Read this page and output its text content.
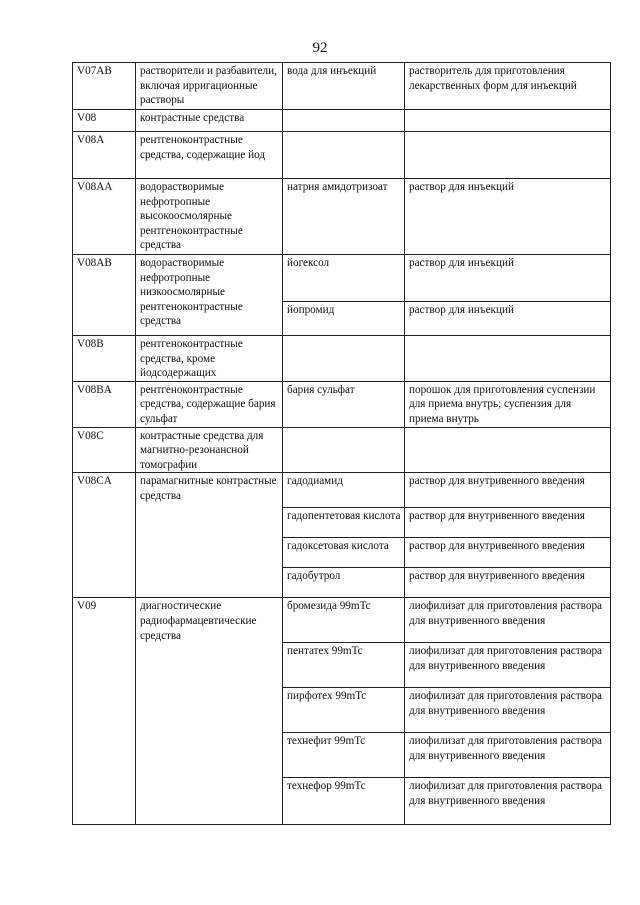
92
V07AB	растворители и разбавители, включая ирригационные растворы	вода для инъекций	растворитель для приготовления лекарственных форм для инъекций
V08	контрастные средства		
V08A	рентгеноконтрастные средства, содержащие йод		
V08AA	водорастворимые нефротропные высокоосмолярные рентгеноконтрастные средства	натрия амидотризоат	раствор для инъекций
V08AB	водорастворимые нефротропные низкоосмолярные рентгеноконтрастные средства	йогексол	раствор для инъекций
		йопромид	раствор для инъекций
V08B	рентгеноконтрастные средства, кроме йодсодержащих		
V08BA	рентгеноконтрастные средства, содержащие бария сульфат	бария сульфат	порошок для приготовления суспензии для приема внутрь; суспензия для приема внутрь
V08C	контрастные средства для магнитно-резонансной томографии		
V08CA	парамагнитные контрастные средства	гадодиамид	раствор для внутривенного введения
		гадопентетовая кислота	раствор для внутривенного введения
		гадоксетовая кислота	раствор для внутривенного введения
		гадобутрол	раствор для внутривенного введения
V09	диагностические радиофармацевтические средства	бромезида 99mTc	лиофилизат для приготовления раствора для внутривенного введения
		пентатех 99mTc	лиофилизат для приготовления раствора для внутривенного введения
		пирфотех 99mTc	лиофилизат для приготовления раствора для внутривенного введения
		технефит 99mTc	лиофилизат для приготовления раствора для внутривенного введения
		технефор 99mTc	лиофилизат для приготовления раствора для внутривенного введения
